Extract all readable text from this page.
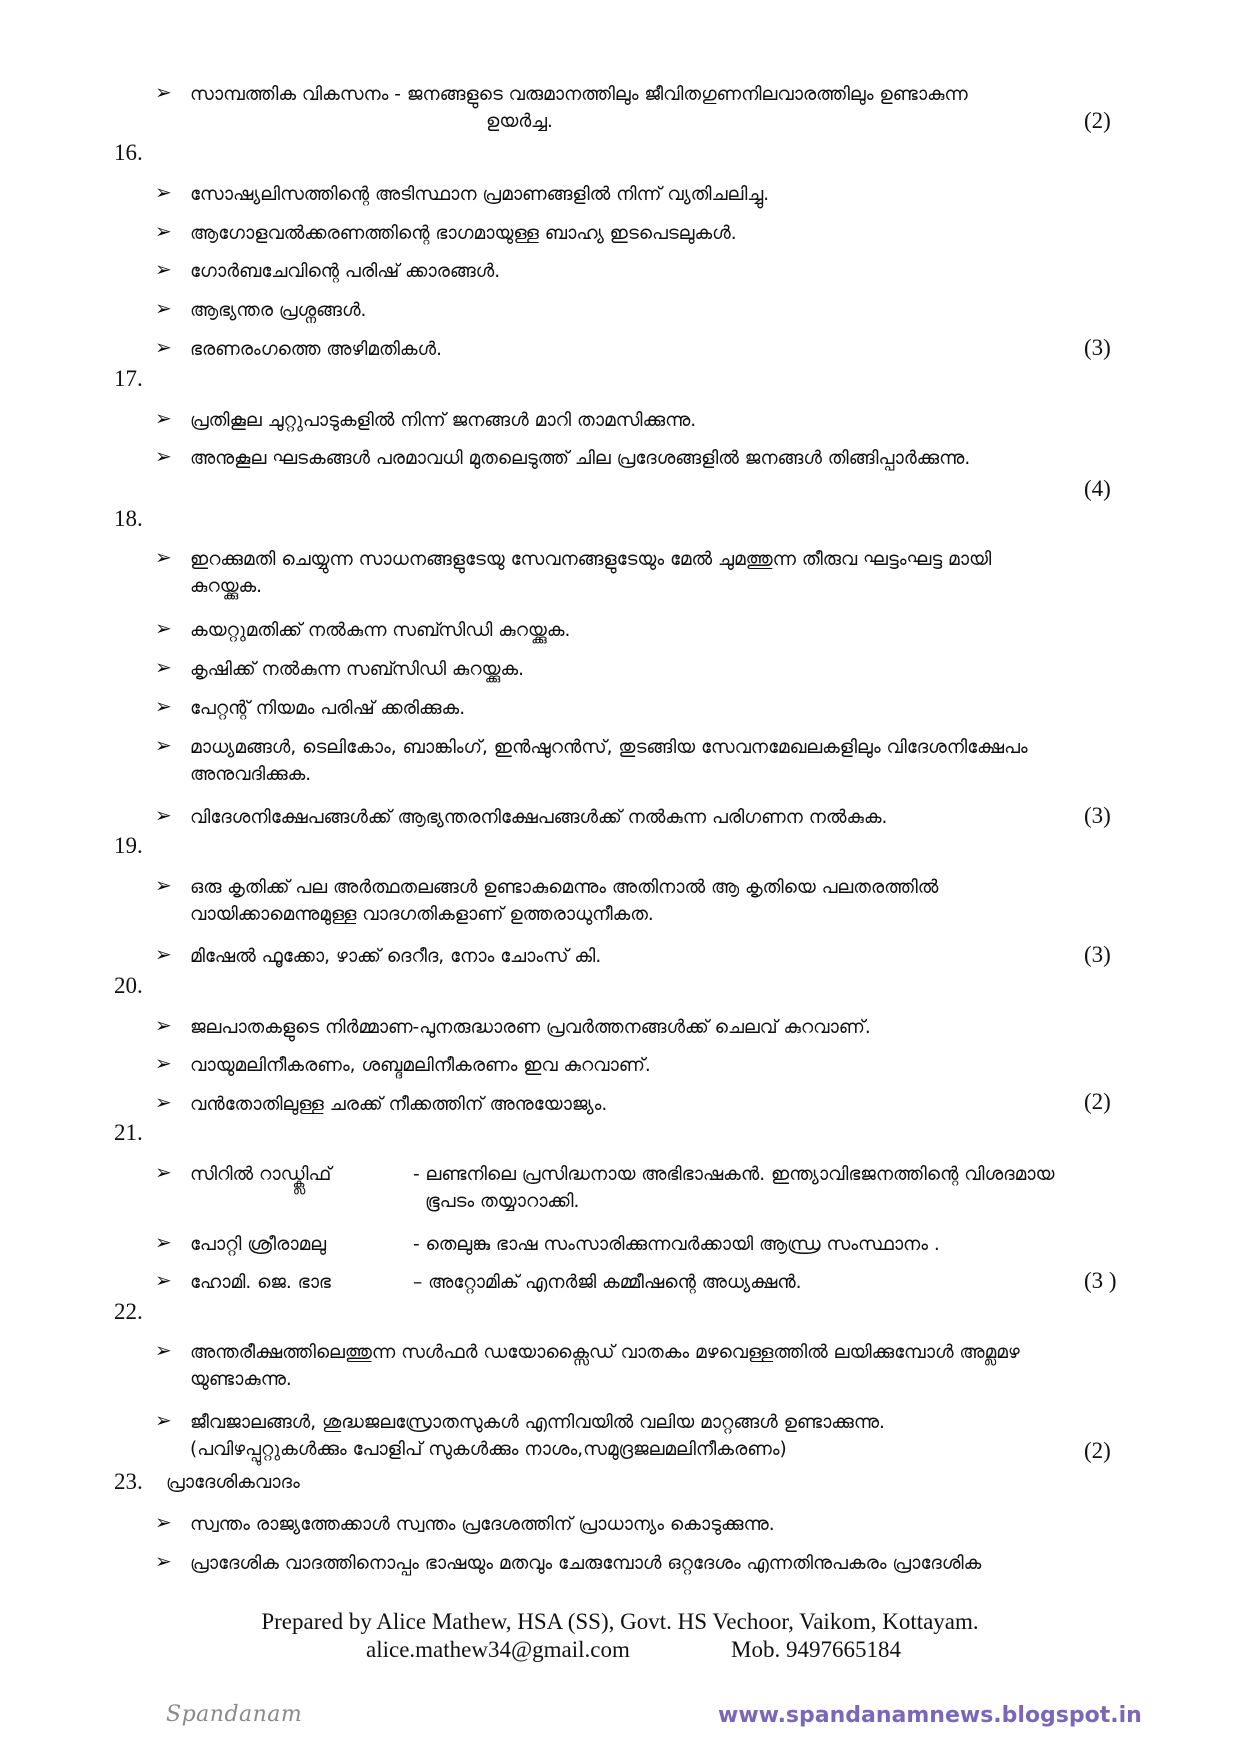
➢ സാമ്പത്തിക വികസനം - ജനങ്ങളുടെ വരുമാനത്തിലും ജീവിതഗുണനിലവാരത്തിലും ഉണ്ടാകുന്ന
ഉയർച്ച.	(2)
16.
➢ സോഷ്യലിസത്തിന്റെ അടിസ്ഥാന പ്രമാണങ്ങളിൽ നിന്ന് വ്യതിചലിച്ചു.
➢ ആഗോളവൽക്കരണത്തിന്റെ ഭാഗമായുള്ള ബാഹ്യ ഇടപെടലുകൾ.
➢ ഗോർബചേവിന്റെ പരിഷ് ക്കാരങ്ങൾ.
➢ ആഭ്യന്തര പ്രശ്നങ്ങൾ.
➢ ഭരണരംഗത്തെ അഴിമതികൾ.	(3)
17.
➢ പ്രതികൂല ചുറ്റുപാടുകളിൽ നിന്ന് ജനങ്ങൾ മാറി താമസിക്കുന്നു.
➢ അനുകൂല ഘടകങ്ങൾ പരമാവധി മുതലെടുത്ത് ചില പ്രദേശങ്ങളിൽ ജനങ്ങൾ തിങ്ങിപ്പാർക്കുന്നു.
(4)
18.
➢ ഇറക്കുമതി ചെയ്യുന്ന സാധനങ്ങളുടേയു സേവനങ്ങളുടേയും മേൽ ചുമത്തുന്ന തീരുവ ഘട്ടംഘട്ട മായി
കുറയ്ക്കുക.
➢ കയറ്റുമതിക്ക് നൽകുന്ന സബ്സിഡി കുറയ്ക്കുക.
➢ കൃഷിക്ക് നൽകുന്ന സബ്സിഡി കുറയ്ക്കുക.
➢ പേറ്റന്റ് നിയമം പരിഷ് ക്കരിക്കുക.
➢ മാധ്യമങ്ങൾ, ടെലികോം, ബാങ്കിംഗ്, ഇൻഷുറൻസ്, തുടങ്ങിയ സേവനമേഖലകളിലും വിദേശനിക്ഷേപം
അനുവദിക്കുക.
➢ വിദേശനിക്ഷേപങ്ങൾക്ക് ആഭ്യന്തരനിക്ഷേപങ്ങൾക്ക് നൽകുന്ന പരിഗണന നൽകുക.	(3)
19.
➢ ഒരു കൃതിക്ക് പല അർത്ഥതലങ്ങൾ ഉണ്ടാകുമെന്നും അതിനാൽ ആ കൃതിയെ പലതരത്തിൽ
വായിക്കാമെന്നുമുള്ള വാദഗതികളാണ് ഉത്തരാധുനീകത.
➢ മിഷേൽ ഫൂക്കോ, ഴാക്ക് ദെറീദ, നോം ചോംസ് കി.	(3)
20.
➢ ജലപാതകളുടെ നിർമ്മാണ-പുനരുദ്ധാരണ പ്രവർത്തനങ്ങൾക്ക് ചെലവ് കുറവാണ്.
➢ വായുമലിനീകരണം, ശബ്ദമലിനീകരണം ഇവ കുറവാണ്.
➢ വൻതോതിലുള്ള ചരക്ക് നീക്കത്തിന് അനുയോജ്യം.	(2)
21.
➢ സിറിൽ റാഡ്ക്ലിഫ്	- ലണ്ടനിലെ പ്രസിദ്ധനായ അഭിഭാഷകൻ. ഇന്ത്യാവിഭജനത്തിന്റെ വിശദമായ
ഭൂപടം തയ്യാറാക്കി.
➢ പോറ്റി ശ്രീരാമലു	- തെലുങ്കു ഭാഷ സംസാരിക്കുന്നവർക്കായി ആന്ധ്ര സംസ്ഥാനം .
➢ ഹോമി. ജെ. ഭാഭ	– അറ്റോമിക് എനർജി കമ്മീഷന്റെ അധ്യക്ഷൻ.	(3 )
22.
➢ അന്തരീക്ഷത്തിലെത്തുന്ന സൾഫർ ഡയോക്സൈഡ് വാതകം മഴവെള്ളത്തിൽ ലയിക്കുമ്പോൾ അമ്ലമഴ
യുണ്ടാകുന്നു.
➢ ജീവജാലങ്ങൾ, ശുദ്ധജലസ്രോതസുകൾ എന്നിവയിൽ വലിയ മാറ്റങ്ങൾ ഉണ്ടാക്കുന്നു.
(പവിഴപ്പുറ്റുകൾക്കും പോളിപ് സുകൾക്കും നാശം,സമുദ്രജലമലിനീകരണം)	(2)
23. പ്രാദേശികവാദം
➢ സ്വന്തം രാജ്യത്തേക്കാൾ സ്വന്തം പ്രദേശത്തിന് പ്രാധാന്യം കൊടുക്കുന്നു.
➢ പ്രാദേശിക വാദത്തിനൊപ്പം ഭാഷയും മതവും ചേരുമ്പോൾ ഒറ്റദേശം എന്നതിനുപകരം പ്രാദേശിക
Prepared by Alice Mathew, HSA (SS), Govt. HS Vechoor, Vaikom, Kottayam.
alice.mathew34@gmail.com	Mob. 9497665184
Spandanam	www.spandanamnews.blogspot.in
